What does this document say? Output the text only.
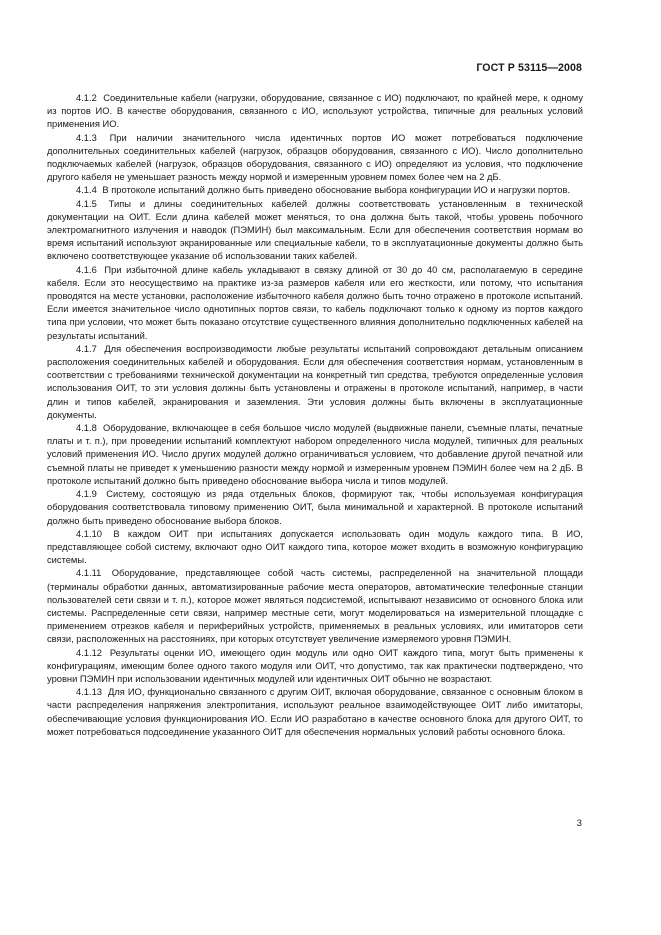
ГОСТ Р 53115—2008

4.1.2 Соединительные кабели (нагрузки, оборудование, связанное с ИО) подключают, по крайней мере, к одному из портов ИО. В качестве оборудования, связанного с ИО, используют устройства, типичные для реальных условий применения ИО.

4.1.3 При наличии значительного числа идентичных портов ИО может потребоваться подключение дополнительных соединительных кабелей (нагрузок, образцов оборудования, связанного с ИО). Число дополнительно подключаемых кабелей (нагрузок, образцов оборудования, связанного с ИО) определяют из условия, что подключение другого кабеля не уменьшает разность между нормой и измеренным уровнем помех более чем на 2 дБ.

4.1.4 В протоколе испытаний должно быть приведено обоснование выбора конфигурации ИО и нагрузки портов.

4.1.5 Типы и длины соединительных кабелей должны соответствовать установленным в технической документации на ОИТ. Если длина кабелей может меняться, то она должна быть такой, чтобы уровень побочного электромагнитного излучения и наводок (ПЭМИН) был максимальным. Если для обеспечения соответствия нормам во время испытаний используют экранированные или специальные кабели, то в эксплуатационные документы должно быть включено соответствующее указание об использовании таких кабелей.

4.1.6 При избыточной длине кабель укладывают в связку длиной от 30 до 40 см, располагаемую в середине кабеля. Если это неосуществимо на практике из-за размеров кабеля или его жесткости, или потому, что испытания проводятся на месте установки, расположение избыточного кабеля должно быть точно отражено в протоколе испытаний. Если имеется значительное число однотипных портов связи, то кабель подключают только к одному из портов каждого типа при условии, что может быть показано отсутствие существенного влияния дополнительно подключенных кабелей на результаты испытаний.

4.1.7 Для обеспечения воспроизводимости любые результаты испытаний сопровождают детальным описанием расположения соединительных кабелей и оборудования. Если для обеспечения соответствия нормам, установленным в соответствии с требованиями технической документации на конкретный тип средства, требуются определенные условия использования ОИТ, то эти условия должны быть установлены и отражены в протоколе испытаний, например, в части длин и типов кабелей, экранирования и заземления. Эти условия должны быть включены в эксплуатационные документы.

4.1.8 Оборудование, включающее в себя большое число модулей (выдвижные панели, съемные платы, печатные платы и т. п.), при проведении испытаний комплектуют набором определенного числа модулей, типичных для реальных условий применения ИО. Число других модулей должно ограничиваться условием, что добавление другой печатной или съемной платы не приведет к уменьшению разности между нормой и измеренным уровнем ПЭМИН более чем на 2 дБ. В протоколе испытаний должно быть приведено обоснование выбора числа и типов модулей.

4.1.9 Систему, состоящую из ряда отдельных блоков, формируют так, чтобы используемая конфигурация оборудования соответствовала типовому применению ОИТ, была минимальной и характерной. В протоколе испытаний должно быть приведено обоснование выбора блоков.

4.1.10 В каждом ОИТ при испытаниях допускается использовать один модуль каждого типа. В ИО, представляющее собой систему, включают одно ОИТ каждого типа, которое может входить в возможную конфигурацию системы.

4.1.11 Оборудование, представляющее собой часть системы, распределенной на значительной площади (терминалы обработки данных, автоматизированные рабочие места операторов, автоматические телефонные станции пользователей сети связи и т. п.), которое может являться подсистемой, испытывают независимо от основного блока или системы. Распределенные сети связи, например местные сети, могут моделироваться на измерительной площадке с применением отрезков кабеля и периферийных устройств, применяемых в реальных условиях, или имитаторов сети связи, расположенных на расстояниях, при которых отсутствует увеличение измеряемого уровня ПЭМИН.

4.1.12 Результаты оценки ИО, имеющего один модуль или одно ОИТ каждого типа, могут быть применены к конфигурациям, имеющим более одного такого модуля или ОИТ, что допустимо, так как практически подтверждено, что уровни ПЭМИН при использовании идентичных модулей или идентичных ОИТ обычно не возрастают.

4.1.13 Для ИО, функционально связанного с другим ОИТ, включая оборудование, связанное с основным блоком в части распределения напряжения электропитания, используют реальное взаимодействующее ОИТ либо имитаторы, обеспечивающие условия функционирования ИО. Если ИО разработано в качестве основного блока для другого ОИТ, то может потребоваться подсоединение указанного ОИТ для обеспечения нормальных условий работы основного блока.

3
